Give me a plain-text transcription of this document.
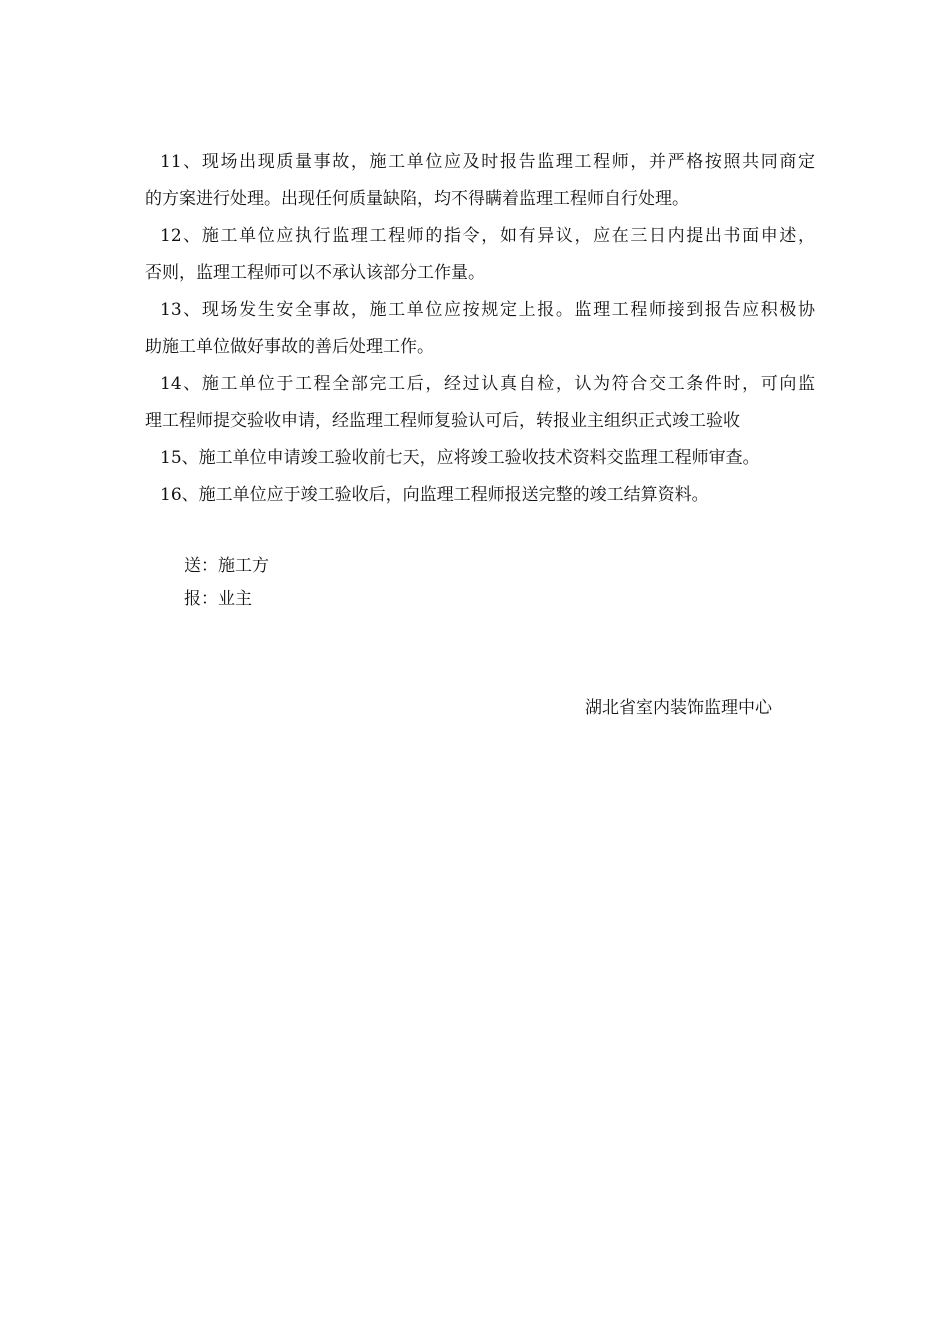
11、现场出现质量事故，施工单位应及时报告监理工程师，并严格按照共同商定
的方案进行处理。出现任何质量缺陷，均不得瞒着监理工程师自行处理。
12、施工单位应执行监理工程师的指令，如有异议，应在三日内提出书面申述，
否则，监理工程师可以不承认该部分工作量。
13、现场发生安全事故，施工单位应按规定上报。监理工程师接到报告应积极协
助施工单位做好事故的善后处理工作。
14、施工单位于工程全部完工后，经过认真自检，认为符合交工条件时，可向监
理工程师提交验收申请，经监理工程师复验认可后，转报业主组织正式竣工验收
15、施工单位申请竣工验收前七天，应将竣工验收技术资料交监理工程师审查。
16、施工单位应于竣工验收后，向监理工程师报送完整的竣工结算资料。
送：施工方
报：业主
湖北省室内装饰监理中心
